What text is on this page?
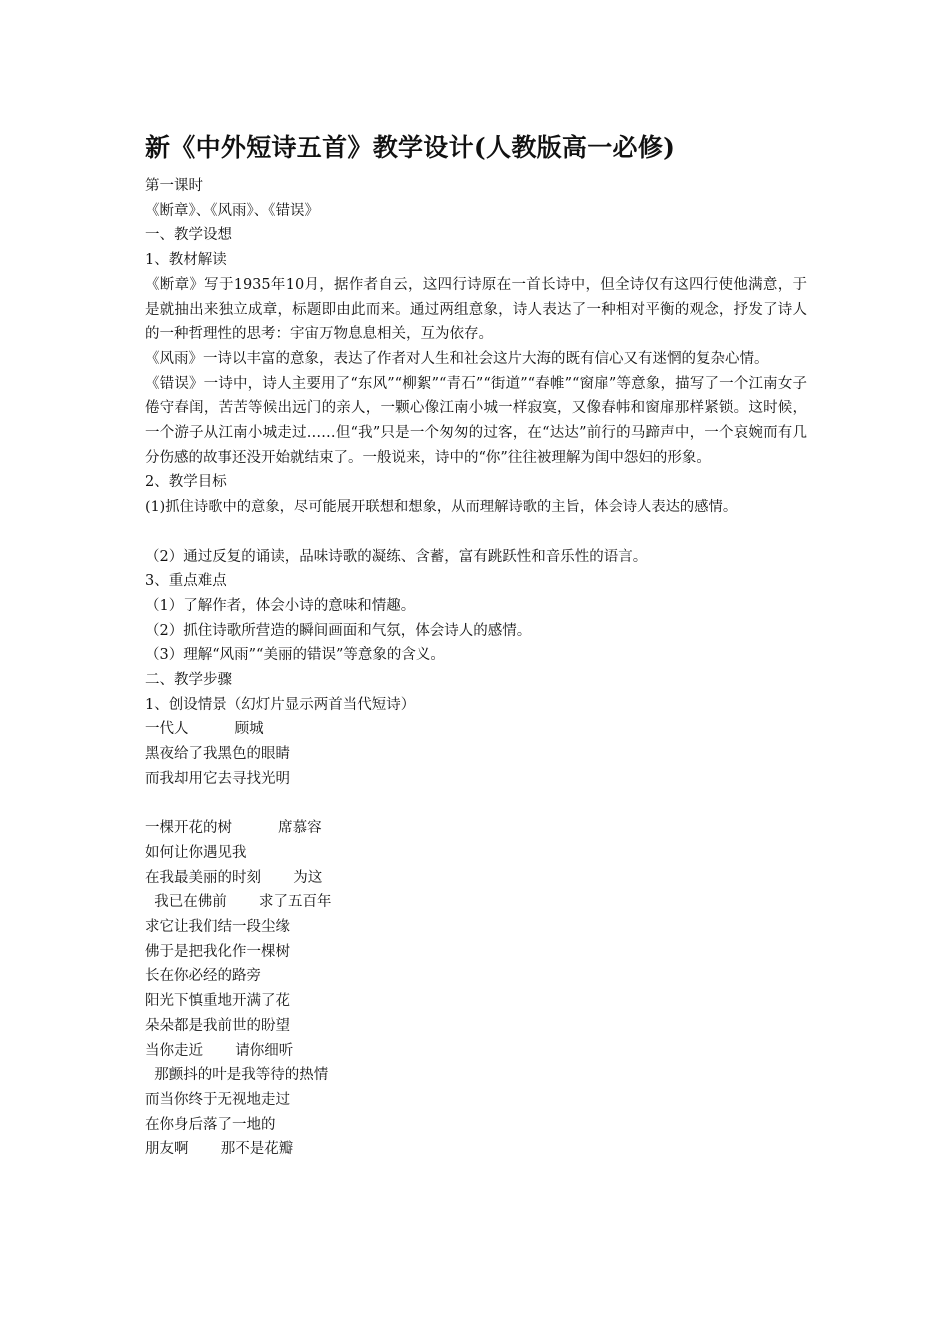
新《中外短诗五首》教学设计(人教版高一必修)
第一课时
《断章》、《风雨》、《错误》
一、教学设想
1、教材解读

《断章》写于1935年10月，据作者自云，这四行诗原在一首长诗中，但全诗仅有这四行使他满意，于是就抽出来独立成章，标题即由此而来。通过两组意象，诗人表达了一种相对平衡的观念，抒发了诗人的一种哲理性的思考：宇宙万物息息相关，互为依存。

《风雨》一诗以丰富的意象，表达了作者对人生和社会这片大海的既有信心又有迷惘的复杂心情。

《错误》一诗中，诗人主要用了“东风”“柳絮”“青石”“街道”“春帷”“窗扉”等意象，描写了一个江南女子倦守春闺，苦苦等候出远门的亲人，一颗心像江南小城一样寂寞，又像春帏和窗扉那样紧锁。这时候，一个游子从江南小城走过……但“我”只是一个匆匆的过客，在“达达”前行的马蹄声中，一个哀婉而有几分伤感的故事还没开始就结束了。一般说来，诗中的“你”往往被理解为闺中怨妇的形象。

2、教学目标
(1)抓住诗歌中的意象，尽可能展开联想和想象，从而理解诗歌的主旨，体会诗人表达的感情。
（2）通过反复的诵读，品味诗歌的凝练、含蓄，富有跳跃性和音乐性的语言。
3、重点难点
（1）了解作者，体会小诗的意味和情趣。
（2）抓住诗歌所营造的瞬间画面和气氛，体会诗人的感情。
（3）理解“风雨”“美丽的错误”等意象的含义。
二、教学步骤
1、创设情景（幻灯片显示两首当代短诗）
一代人          顾城
黑夜给了我黑色的眼睛
而我却用它去寻找光明
一棵开花的树          席慕容
如何让你遇见我
在我最美丽的时刻       为这
我已在佛前       求了五百年
求它让我们结一段尘缘
佛于是把我化作一棵树
长在你必经的路旁
阳光下慎重地开满了花
朵朵都是我前世的盼望
当你走近       请你细听
那颤抖的叶是我等待的热情
而当你终于无视地走过
在你身后落了一地的
朋友啊       那不是花瓣
